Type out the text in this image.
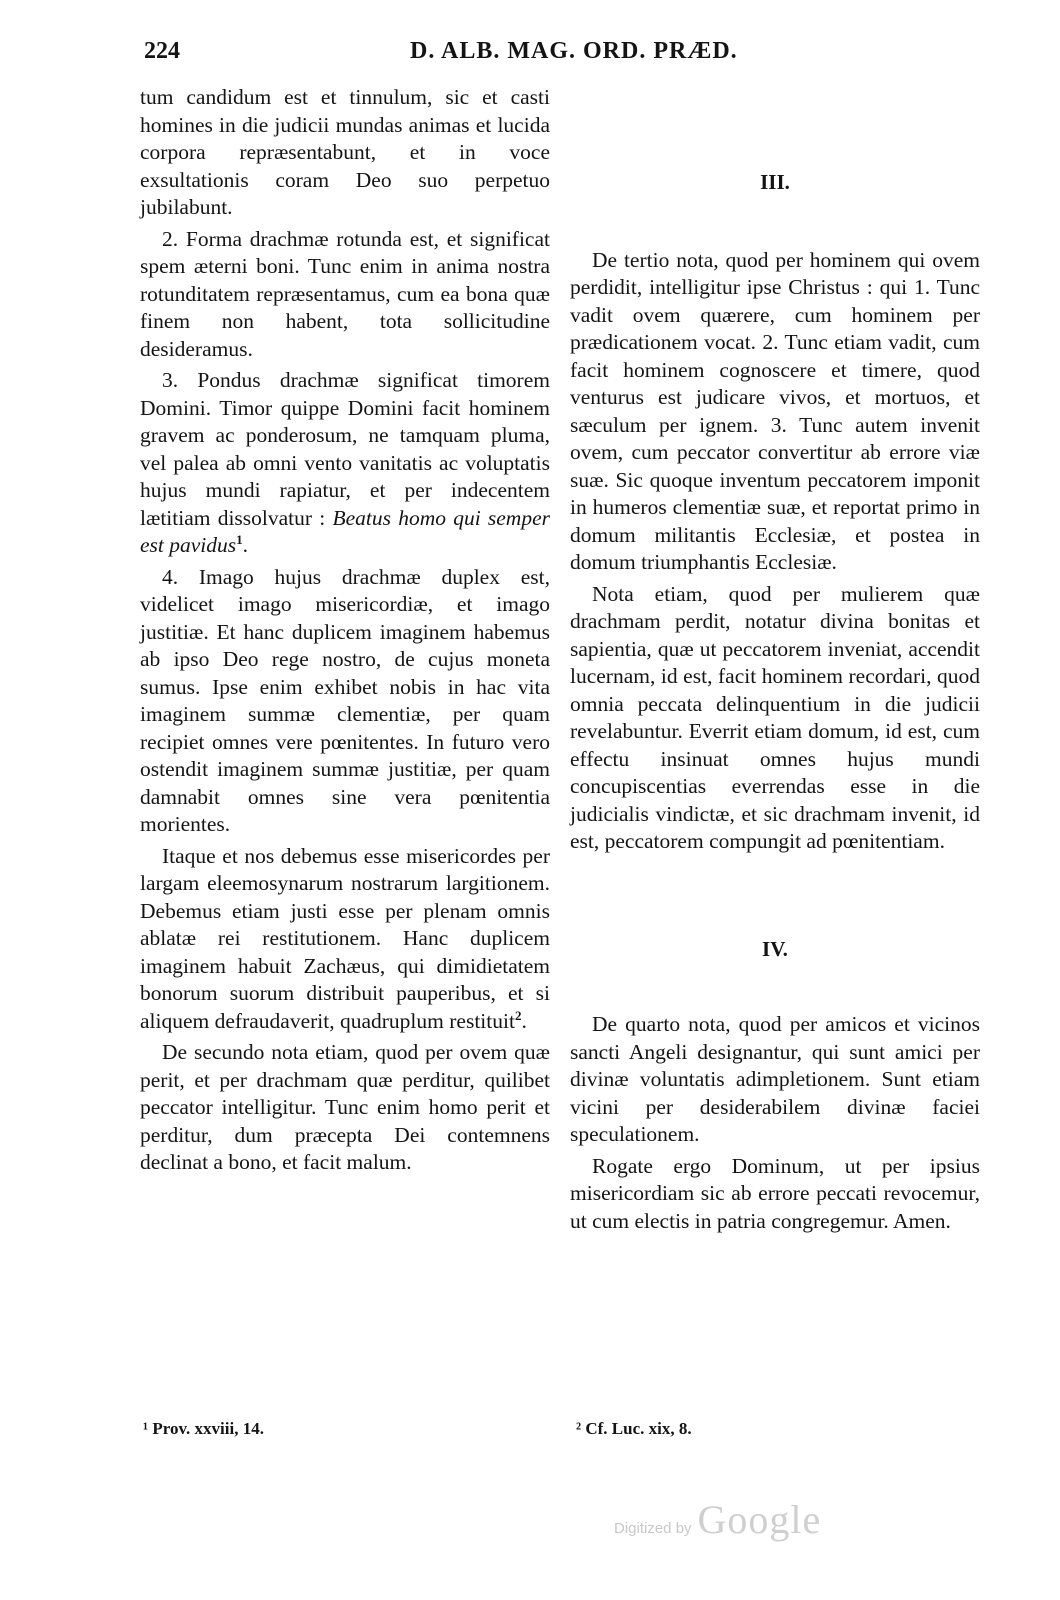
224	D. ALB. MAG. ORD. PRÆD.

tum candidum est et tinnulum, sic et casti homines in die judicii mundas animas et lucida corpora repræsentabunt, et in voce exsultationis coram Deo suo perpetuo jubilabunt.

2. Forma drachmæ rotunda est, et significat spem æterni boni. Tunc enim in anima nostra rotunditatem repræsentamus, cum ea bona quæ finem non habent, tota sollicitudine desideramus.

3. Pondus drachmæ significat timorem Domini. Timor quippe Domini facit hominem gravem ac ponderosum, ne tamquam pluma, vel palea ab omni vento vanitatis ac voluptatis hujus mundi rapiatur, et per indecentem lætitiam dissolvatur : Beatus homo qui semper est pavidus$^1$.

4. Imago hujus drachmæ duplex est, videlicet imago misericordiæ, et imago justitiæ. Et hanc duplicem imaginem habemus ab ipso Deo rege nostro, de cujus moneta sumus. Ipse enim exhibet nobis in hac vita imaginem summæ clementiæ, per quam recipiet omnes vere pœnitentes. In futuro vero ostendit imaginem summæ justitiæ, per quam damnabit omnes sine vera pœnitentia morientes.

Itaque et nos debemus esse misericordes per largam eleemosynarum nostrarum largitionem. Debemus etiam justi esse per plenam omnis ablatæ rei restitutionem. Hanc duplicem imaginem habuit Zachæus, qui dimidietatem bonorum suorum distribuit pauperibus, et si aliquem defraudaverit, quadruplum restituit$^2$.

De secundo nota etiam, quod per ovem quæ perit, et per drachmam quæ perditur, quilibet peccator intelligitur. Tunc enim homo perit et perditur, dum præcepta Dei contemnens declinat a bono, et facit malum.

III.

De tertio nota, quod per hominem qui ovem perdidit, intelligitur ipse Christus : qui 1. Tunc vadit ovem quærere, cum hominem per prædicationem vocat. 2. Tunc etiam vadit, cum facit hominem cognoscere et timere, quod venturus est judicare vivos, et mortuos, et sæculum per ignem. 3. Tunc autem invenit ovem, cum peccator convertitur ab errore viæ suæ. Sic quoque inventum peccatorem imponit in humeros clementiæ suæ, et reportat primo in domum militantis Ecclesiæ, et postea in domum triumphantis Ecclesiæ.

Nota etiam, quod per mulierem quæ drachmam perdit, notatur divina bonitas et sapientia, quæ ut peccatorem inveniat, accendit lucernam, id est, facit hominem recordari, quod omnia peccata delinquentium in die judicii revelabuntur. Everrit etiam domum, id est, cum effectu insinuat omnes hujus mundi concupiscentias everrendas esse in die judicialis vindictæ, et sic drachmam invenit, id est, peccatorem compungit ad pœnitentiam.

IV.

De quarto nota, quod per amicos et vicinos sancti Angeli designantur, qui sunt amici per divinæ voluntatis adimpletionem. Sunt etiam vicini per desiderabilem divinæ faciei speculationem.

Rogate ergo Dominum, ut per ipsius misericordiam sic ab errore peccati revocemur, ut cum electis in patria congregemur. Amen.

¹ Prov. xxviii, 14.	² Cf. Luc. xix, 8.
Digitized by Google
